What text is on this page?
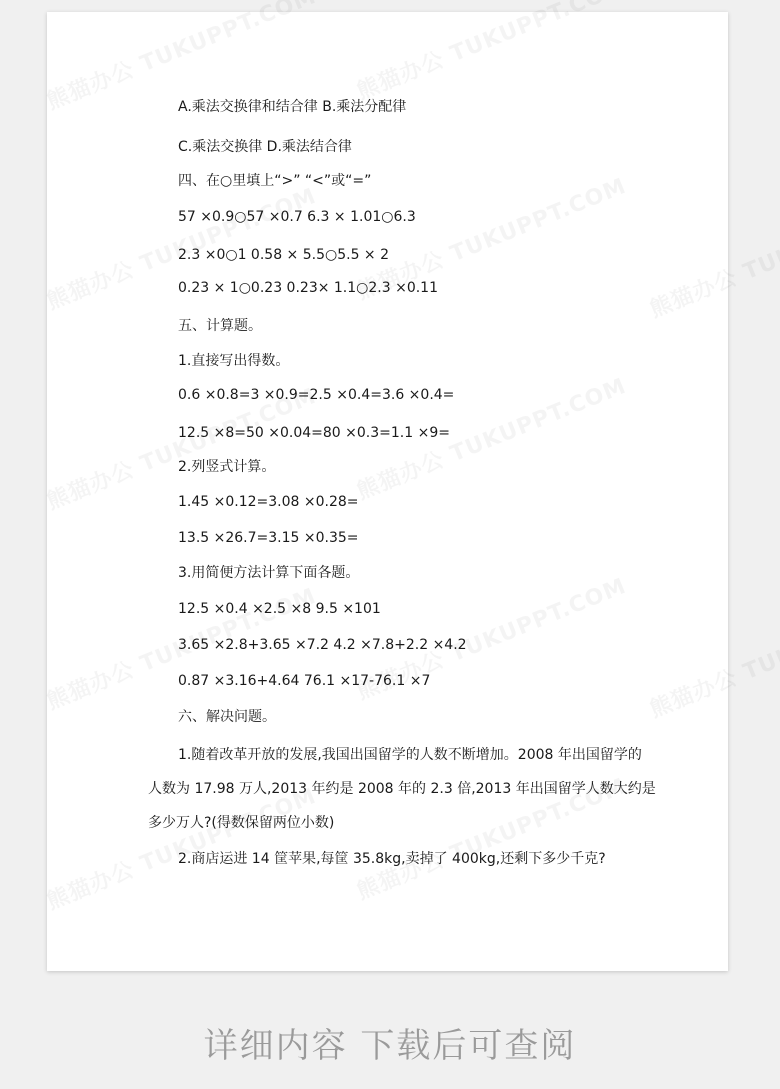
A.乘法交换律和结合律 B.乘法分配律
C.乘法交换律 D.乘法结合律
四、在○里填上“>” “<”或“=”
57 ×0.9○57 ×0.7 6.3 × 1.01○6.3
2.3 ×0○1 0.58 × 5.5○5.5 × 2
0.23 × 1○0.23 0.23× 1.1○2.3 ×0.11
五、计算题。
1.直接写出得数。
0.6 ×0.8=3 ×0.9=2.5 ×0.4=3.6 ×0.4=
12.5 ×8=50 ×0.04=80 ×0.3=1.1 ×9=
2.列竖式计算。
1.45 ×0.12=3.08 ×0.28=
13.5 ×26.7=3.15 ×0.35=
3.用简便方法计算下面各题。
12.5 ×0.4 ×2.5 ×8 9.5 ×101
3.65 ×2.8+3.65 ×7.2 4.2 ×7.8+2.2 ×4.2
0.87 ×3.16+4.64 76.1 ×17-76.1 ×7
六、解决问题。
1.随着改革开放的发展,我国出国留学的人数不断增加。2008 年出国留学的
人数为 17.98 万人,2013 年约是 2008 年的 2.3 倍,2013 年出国留学人数大约是
多少万人?(得数保留两位小数)
2.商店运进 14 筐苹果,每筐 35.8kg,卖掉了 400kg,还剩下多少千克?
详细内容 下载后可查阅
